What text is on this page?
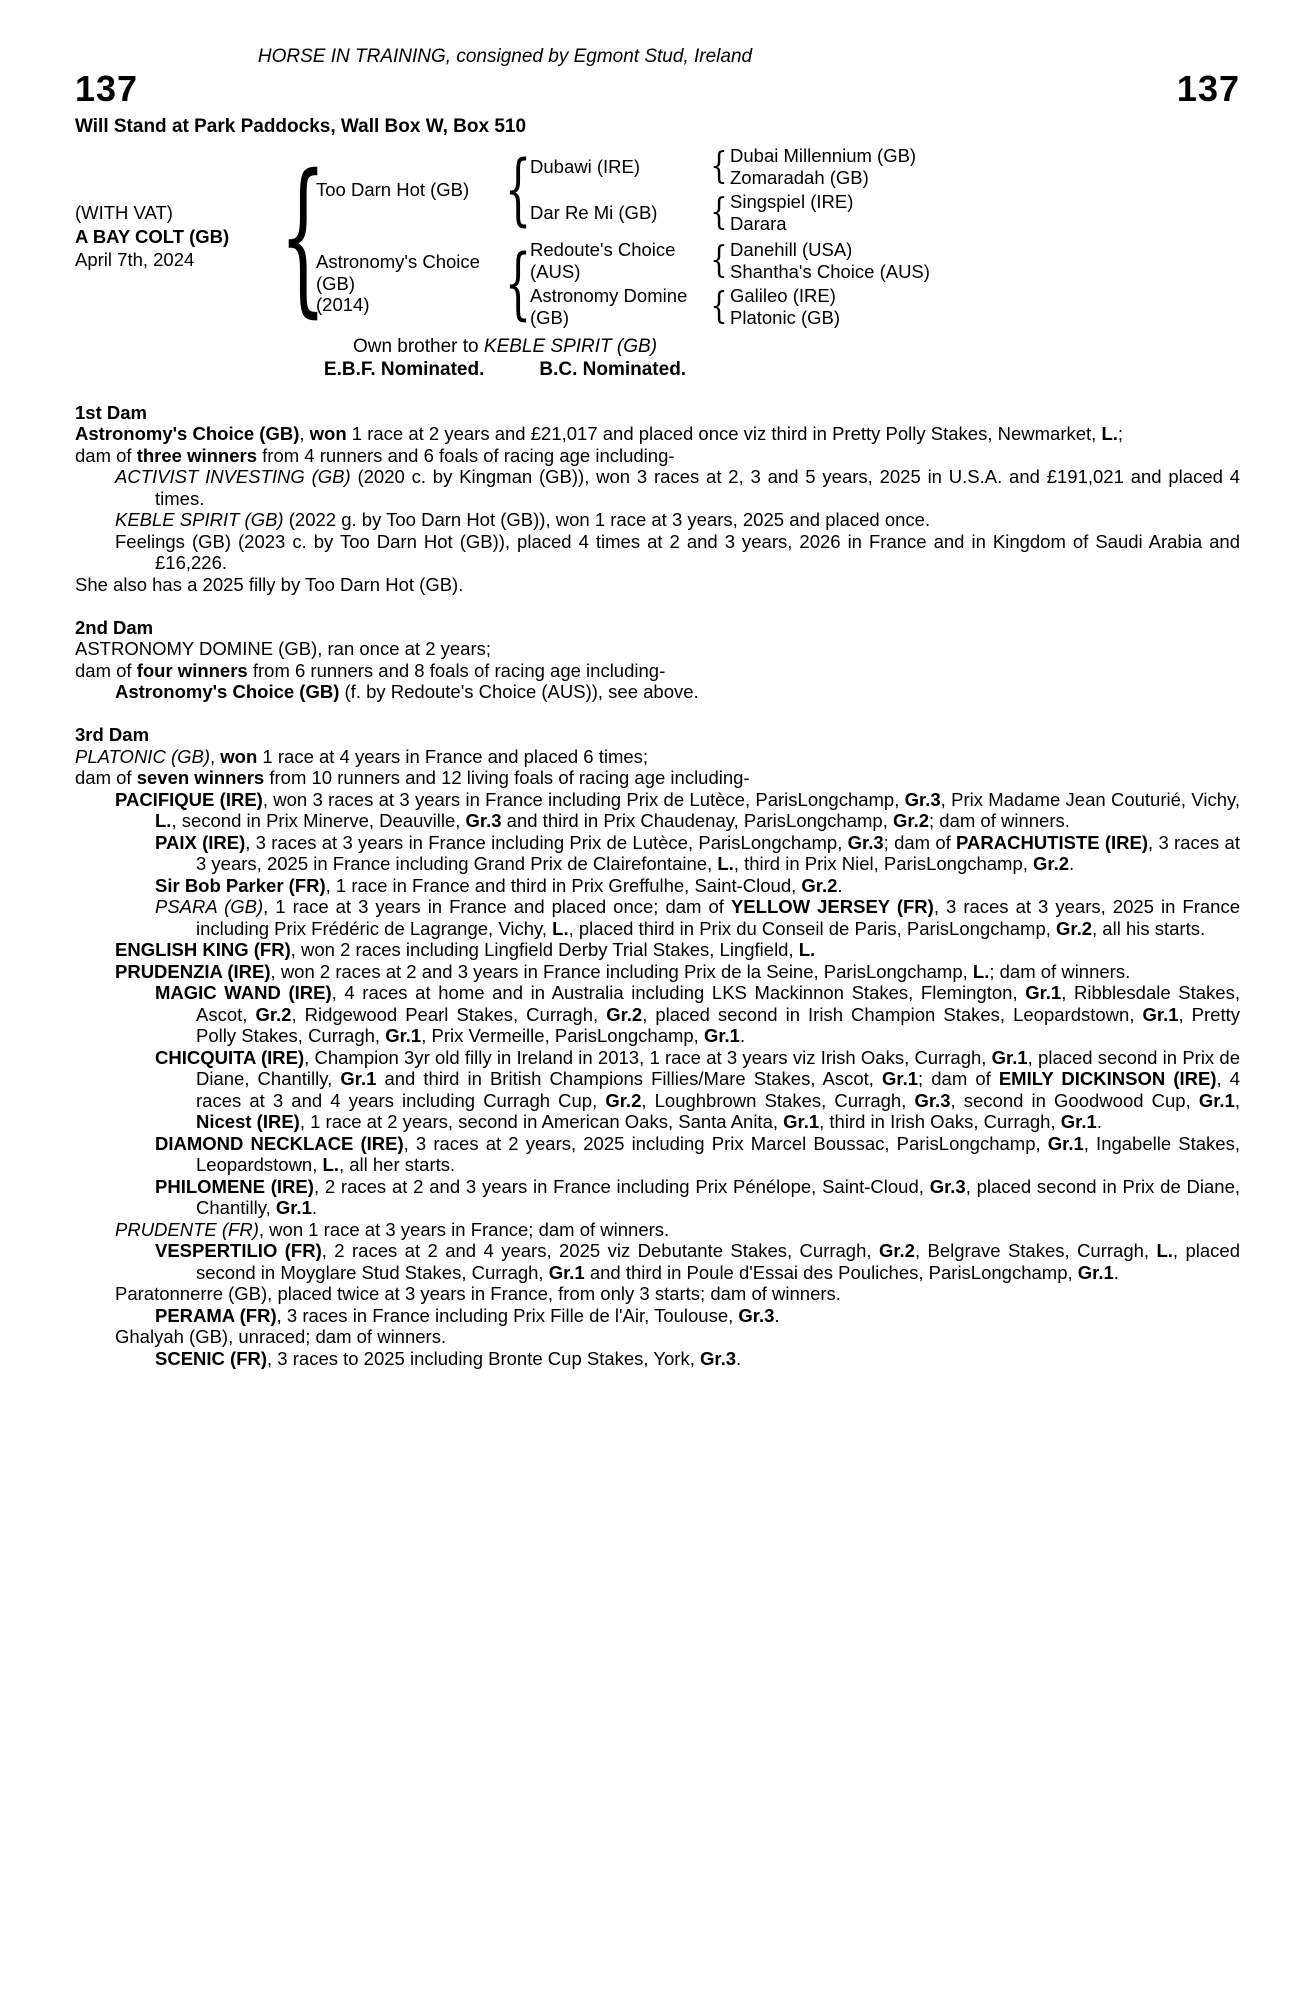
HORSE IN TRAINING, consigned by Egmont Stud, Ireland
137	137
Will Stand at Park Paddocks, Wall Box W, Box 510
(WITH VAT)
A BAY COLT (GB)
April 7th, 2024	{
Too Darn Hot (GB) {
Dubawi (IRE)	{ Dubai Millennium (GB)
Zomaradah (GB)
Dar Re Mi (GB)	{ Singspiel (IRE)
Darara
Astronomy's Choice (GB)
(2014)	{
Redoute's Choice (AUS)	{ Danehill (USA)
Shantha's Choice (AUS)
Astronomy Domine (GB)	{ Galileo (IRE)
Platonic (GB)
Own brother to KEBLE SPIRIT (GB)
E.B.F. Nominated.	B.C. Nominated.
1st Dam

Astronomy's Choice (GB), won 1 race at 2 years and £21,017 and placed once viz third in Pretty Polly Stakes, Newmarket, L.;

dam of three winners from 4 runners and 6 foals of racing age including-

ACTIVIST INVESTING (GB) (2020 c. by Kingman (GB)), won 3 races at 2, 3 and 5 years, 2025 in U.S.A. and £191,021 and placed 4 times.

KEBLE SPIRIT (GB) (2022 g. by Too Darn Hot (GB)), won 1 race at 3 years, 2025 and placed once.

Feelings (GB) (2023 c. by Too Darn Hot (GB)), placed 4 times at 2 and 3 years, 2026 in France and in Kingdom of Saudi Arabia and £16,226.

She also has a 2025 filly by Too Darn Hot (GB).

2nd Dam

ASTRONOMY DOMINE (GB), ran once at 2 years;

dam of four winners from 6 runners and 8 foals of racing age including-

Astronomy's Choice (GB) (f. by Redoute's Choice (AUS)), see above.

3rd Dam

PLATONIC (GB), won 1 race at 4 years in France and placed 6 times;

dam of seven winners from 10 runners and 12 living foals of racing age including-

PACIFIQUE (IRE), won 3 races at 3 years in France including Prix de Lutèce, ParisLongchamp, Gr.3, Prix Madame Jean Couturié, Vichy, L., second in Prix Minerve, Deauville, Gr.3 and third in Prix Chaudenay, ParisLongchamp, Gr.2; dam of winners.

PAIX (IRE), 3 races at 3 years in France including Prix de Lutèce, ParisLongchamp, Gr.3; dam of PARACHUTISTE (IRE), 3 races at 3 years, 2025 in France including Grand Prix de Clairefontaine, L., third in Prix Niel, ParisLongchamp, Gr.2.

Sir Bob Parker (FR), 1 race in France and third in Prix Greffulhe, Saint-Cloud, Gr.2.

PSARA (GB), 1 race at 3 years in France and placed once; dam of YELLOW JERSEY (FR), 3 races at 3 years, 2025 in France including Prix Frédéric de Lagrange, Vichy, L., placed third in Prix du Conseil de Paris, ParisLongchamp, Gr.2, all his starts.

ENGLISH KING (FR), won 2 races including Lingfield Derby Trial Stakes, Lingfield, L.

PRUDENZIA (IRE), won 2 races at 2 and 3 years in France including Prix de la Seine, ParisLongchamp, L.; dam of winners.

MAGIC WAND (IRE), 4 races at home and in Australia including LKS Mackinnon Stakes, Flemington, Gr.1, Ribblesdale Stakes, Ascot, Gr.2, Ridgewood Pearl Stakes, Curragh, Gr.2, placed second in Irish Champion Stakes, Leopardstown, Gr.1, Pretty Polly Stakes, Curragh, Gr.1, Prix Vermeille, ParisLongchamp, Gr.1.

CHICQUITA (IRE), Champion 3yr old filly in Ireland in 2013, 1 race at 3 years viz Irish Oaks, Curragh, Gr.1, placed second in Prix de Diane, Chantilly, Gr.1 and third in British Champions Fillies/Mare Stakes, Ascot, Gr.1; dam of EMILY DICKINSON (IRE), 4 races at 3 and 4 years including Curragh Cup, Gr.2, Loughbrown Stakes, Curragh, Gr.3, second in Goodwood Cup, Gr.1, Nicest (IRE), 1 race at 2 years, second in American Oaks, Santa Anita, Gr.1, third in Irish Oaks, Curragh, Gr.1.

DIAMOND NECKLACE (IRE), 3 races at 2 years, 2025 including Prix Marcel Boussac, ParisLongchamp, Gr.1, Ingabelle Stakes, Leopardstown, L., all her starts.

PHILOMENE (IRE), 2 races at 2 and 3 years in France including Prix Pénélope, Saint-Cloud, Gr.3, placed second in Prix de Diane, Chantilly, Gr.1.

PRUDENTE (FR), won 1 race at 3 years in France; dam of winners.

VESPERTILIO (FR), 2 races at 2 and 4 years, 2025 viz Debutante Stakes, Curragh, Gr.2, Belgrave Stakes, Curragh, L., placed second in Moyglare Stud Stakes, Curragh, Gr.1 and third in Poule d'Essai des Pouliches, ParisLongchamp, Gr.1.

Paratonnerre (GB), placed twice at 3 years in France, from only 3 starts; dam of winners.

PERAMA (FR), 3 races in France including Prix Fille de l'Air, Toulouse, Gr.3.

Ghalyah (GB), unraced; dam of winners.

SCENIC (FR), 3 races to 2025 including Bronte Cup Stakes, York, Gr.3.
